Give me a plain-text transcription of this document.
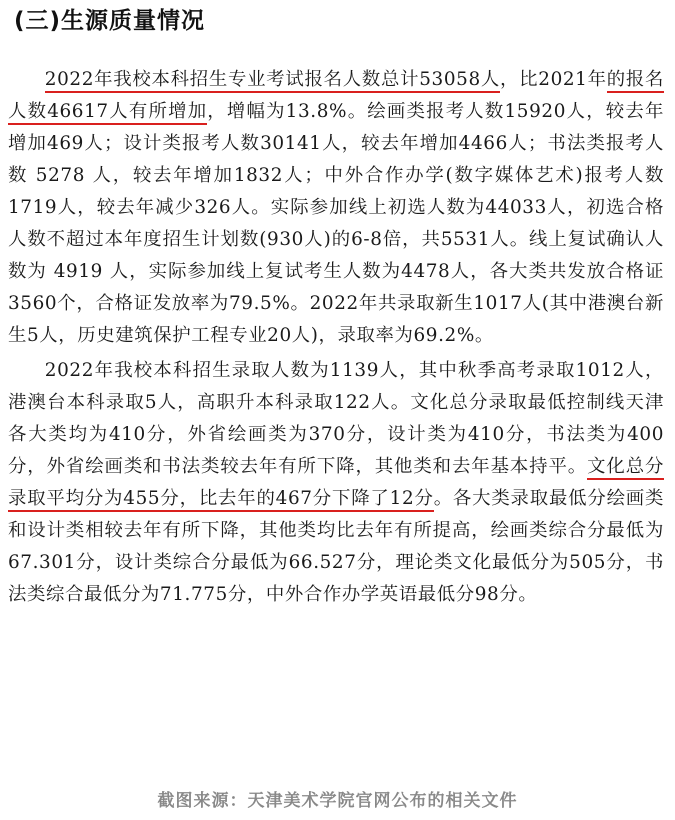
(三)生源质量情况

2022年我校本科招生专业考试报名人数总计53058人，比2021年的报名人数46617人有所增加，增幅为13.8%。绘画类报考人数15920人，较去年增加469人；设计类报考人数30141人，较去年增加4466人；书法类报考人数 5278 人，较去年增加1832人；中外合作办学(数字媒体艺术)报考人数1719人，较去年减少326人。实际参加线上初选人数为44033人，初选合格人数不超过本年度招生计划数(930人)的6-8倍，共5531人。线上复试确认人数为 4919 人，实际参加线上复试考生人数为4478人，各大类共发放合格证3560个，合格证发放率为79.5%。2022年共录取新生1017人(其中港澳台新生5人，历史建筑保护工程专业20人)，录取率为69.2%。

2022年我校本科招生录取人数为1139人，其中秋季高考录取1012人，港澳台本科录取5人，高职升本科录取122人。文化总分录取最低控制线天津各大类均为410分，外省绘画类为370分，设计类为410分，书法类为400分，外省绘画类和书法类较去年有所下降，其他类和去年基本持平。文化总分录取平均分为455分，比去年的467分下降了12分。各大类录取最低分绘画类和设计类相较去年有所下降，其他类均比去年有所提高，绘画类综合分最低为67.301分，设计类综合分最低为66.527分，理论类文化最低分为505分，书法类综合最低分为71.775分，中外合作办学英语最低分98分。

截图来源：天津美术学院官网公布的相关文件
